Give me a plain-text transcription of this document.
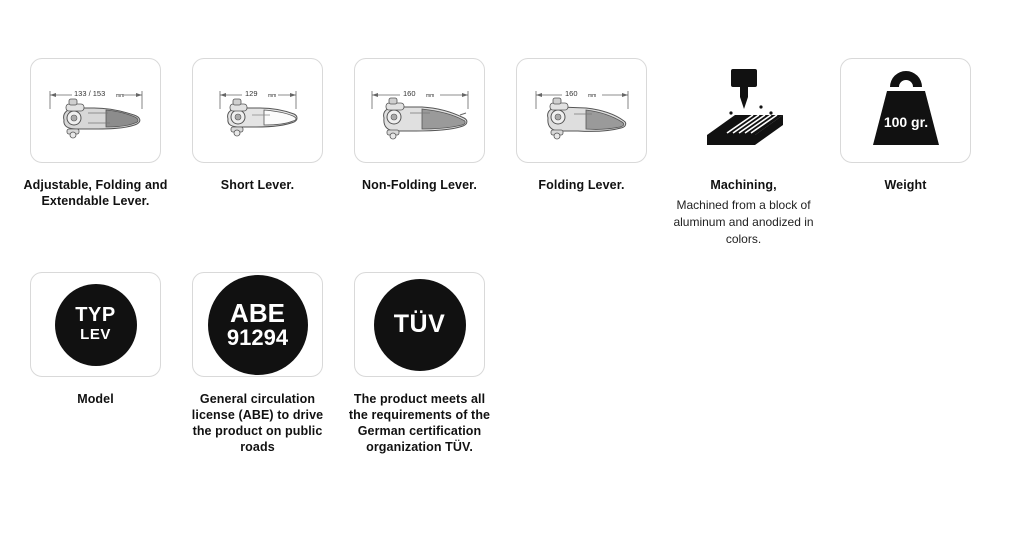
133 / 153 mm
Adjustable, Folding and Extendable Lever.
129 mm
Short Lever.
160 mm
Non-Folding Lever.
160 mm
Folding Lever.	Machining,
Machined from a block of aluminum and anodized in colors.
100 gr.
Weight
TYP
LEV
Model
ABE
91294
General circulation license (ABE) to drive the product on public roads
TÜV
The product meets all the requirements of the German certification organization TÜV.
